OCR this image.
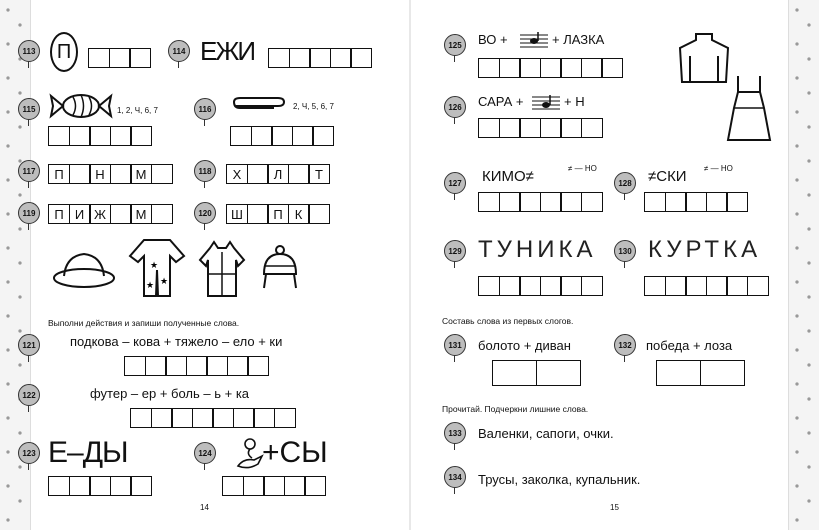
113	П	114 ЕЖИ
115	1, 2, Ч, 6, 7	116	2, Ч, 5, 6, 7
117	П	Н	М	118	Х	Л	Т
119	П И Ж	М	120	Ш	П К
★
★
★
Выполни действия и запиши полученные слова.
121	подкова – кова + тяжело – ело + ки
122	футер – ер + боль – ь + ка
123 Е–ДЫ	124 +СЫ
14
125	ВО +	+ ЛАЗКА
126	САРА +	+ Н
127 КИМО≠	≠ — НО
128 ≠СКИ ≠ — НО
129 ТУНИКА	130 КУРТКА
Составь слова из первых слогов.
131	болото + диван	132	победа + лоза
Прочитай. Подчеркни лишние слова.
133	Валенки, сапоги, очки.
134	Трусы, заколка, купальник.
15
